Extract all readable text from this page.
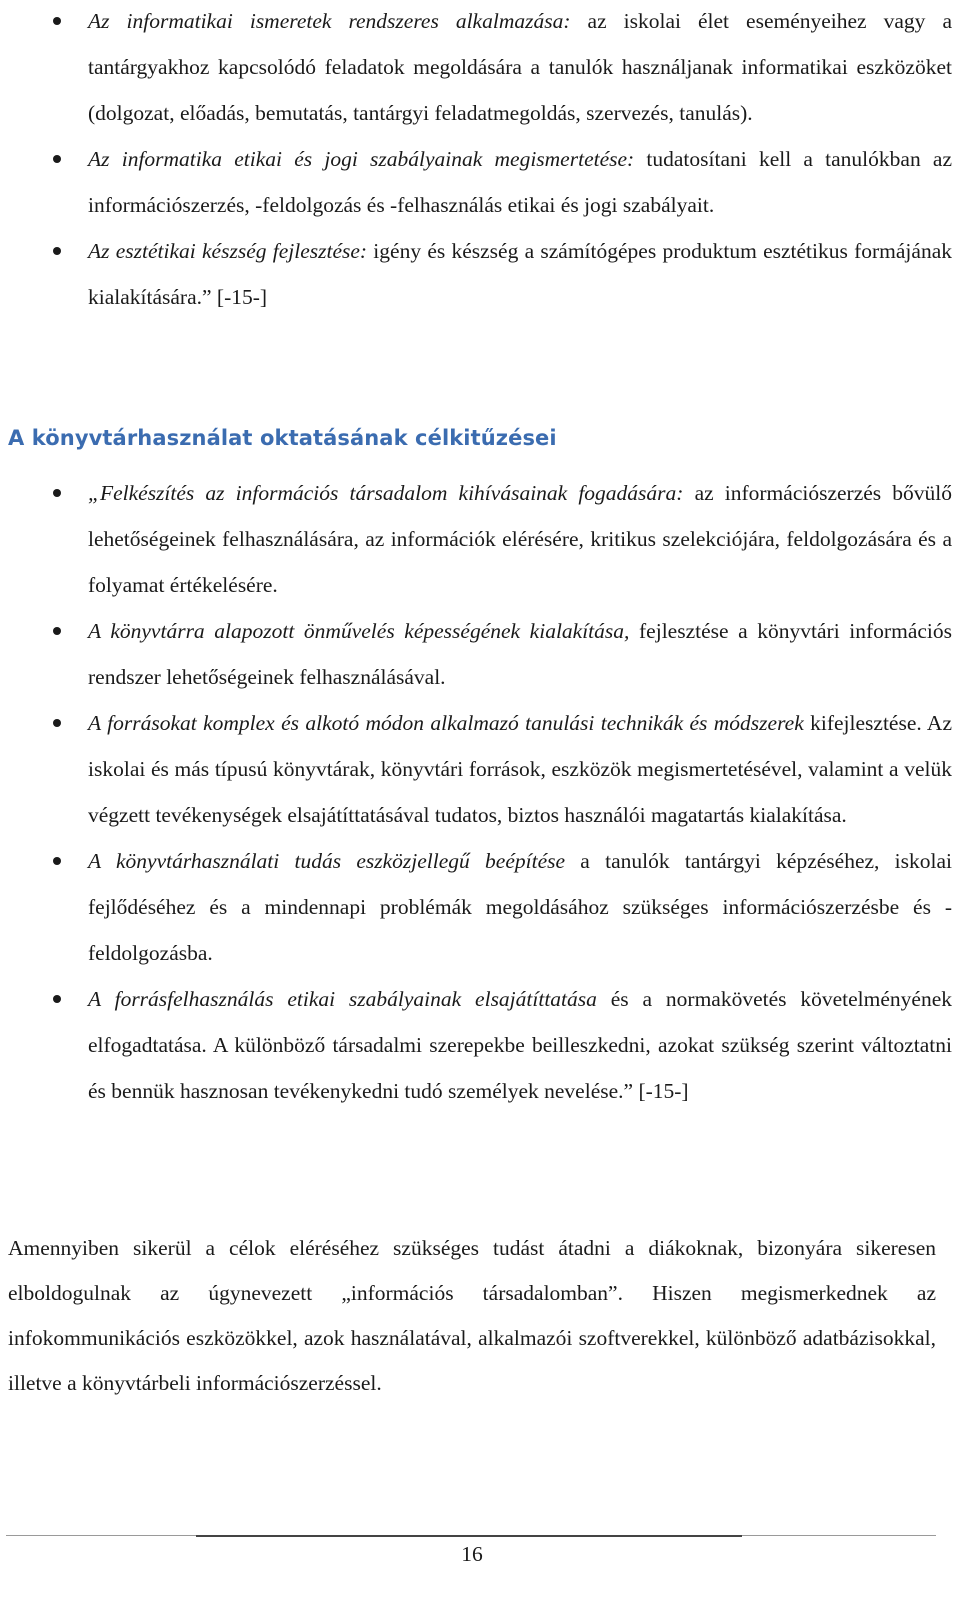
Az informatikai ismeretek rendszeres alkalmazása: az iskolai élet eseményeihez vagy a tantárgyakhoz kapcsolódó feladatok megoldására a tanulók használjanak informatikai eszközöket (dolgozat, előadás, bemutatás, tantárgyi feladatmegoldás, szervezés, tanulás).
Az informatika etikai és jogi szabályainak megismertetése: tudatosítani kell a tanulókban az információszerzés, -feldolgozás és -felhasználás etikai és jogi szabályait.
Az esztétikai készség fejlesztése: igény és készség a számítógépes produktum esztétikus formájának kialakítására.” [-15-]
A könyvtárhasználat oktatásának célkitűzései
„Felkészítés az információs társadalom kihívásainak fogadására: az információszerzés bővülő lehetőségeinek felhasználására, az információk elérésére, kritikus szelekciójára, feldolgozására és a folyamat értékelésére.
A könyvtárra alapozott önművelés képességének kialakítása, fejlesztése a könyvtári információs rendszer lehetőségeinek felhasználásával.
A forrásokat komplex és alkotó módon alkalmazó tanulási technikák és módszerek kifejlesztése. Az iskolai és más típusú könyvtárak, könyvtári források, eszközök megismertetésével, valamint a velük végzett tevékenységek elsajátíttatásával tudatos, biztos használói magatartás kialakítása.
A könyvtárhasználati tudás eszközjellegű beépítése a tanulók tantárgyi képzéséhez, iskolai fejlődéséhez és a mindennapi problémák megoldásához szükséges információszerzésbe és -feldolgozásba.
A forrásfelhasználás etikai szabályainak elsajátíttatása és a normakövetés követelményének elfogadtatása. A különböző társadalmi szerepekbe beilleszkedni, azokat szükség szerint változtatni és bennük hasznosan tevékenykedni tudó személyek nevelése.” [-15-]

Amennyiben sikerül a célok eléréséhez szükséges tudást átadni a diákoknak, bizonyára sikeresen elboldogulnak az úgynevezett „információs társadalomban”. Hiszen megismerkednek az infokommunikációs eszközökkel, azok használatával, alkalmazói szoftverekkel, különböző adatbázisokkal, illetve a könyvtárbeli információszerzéssel.

16
